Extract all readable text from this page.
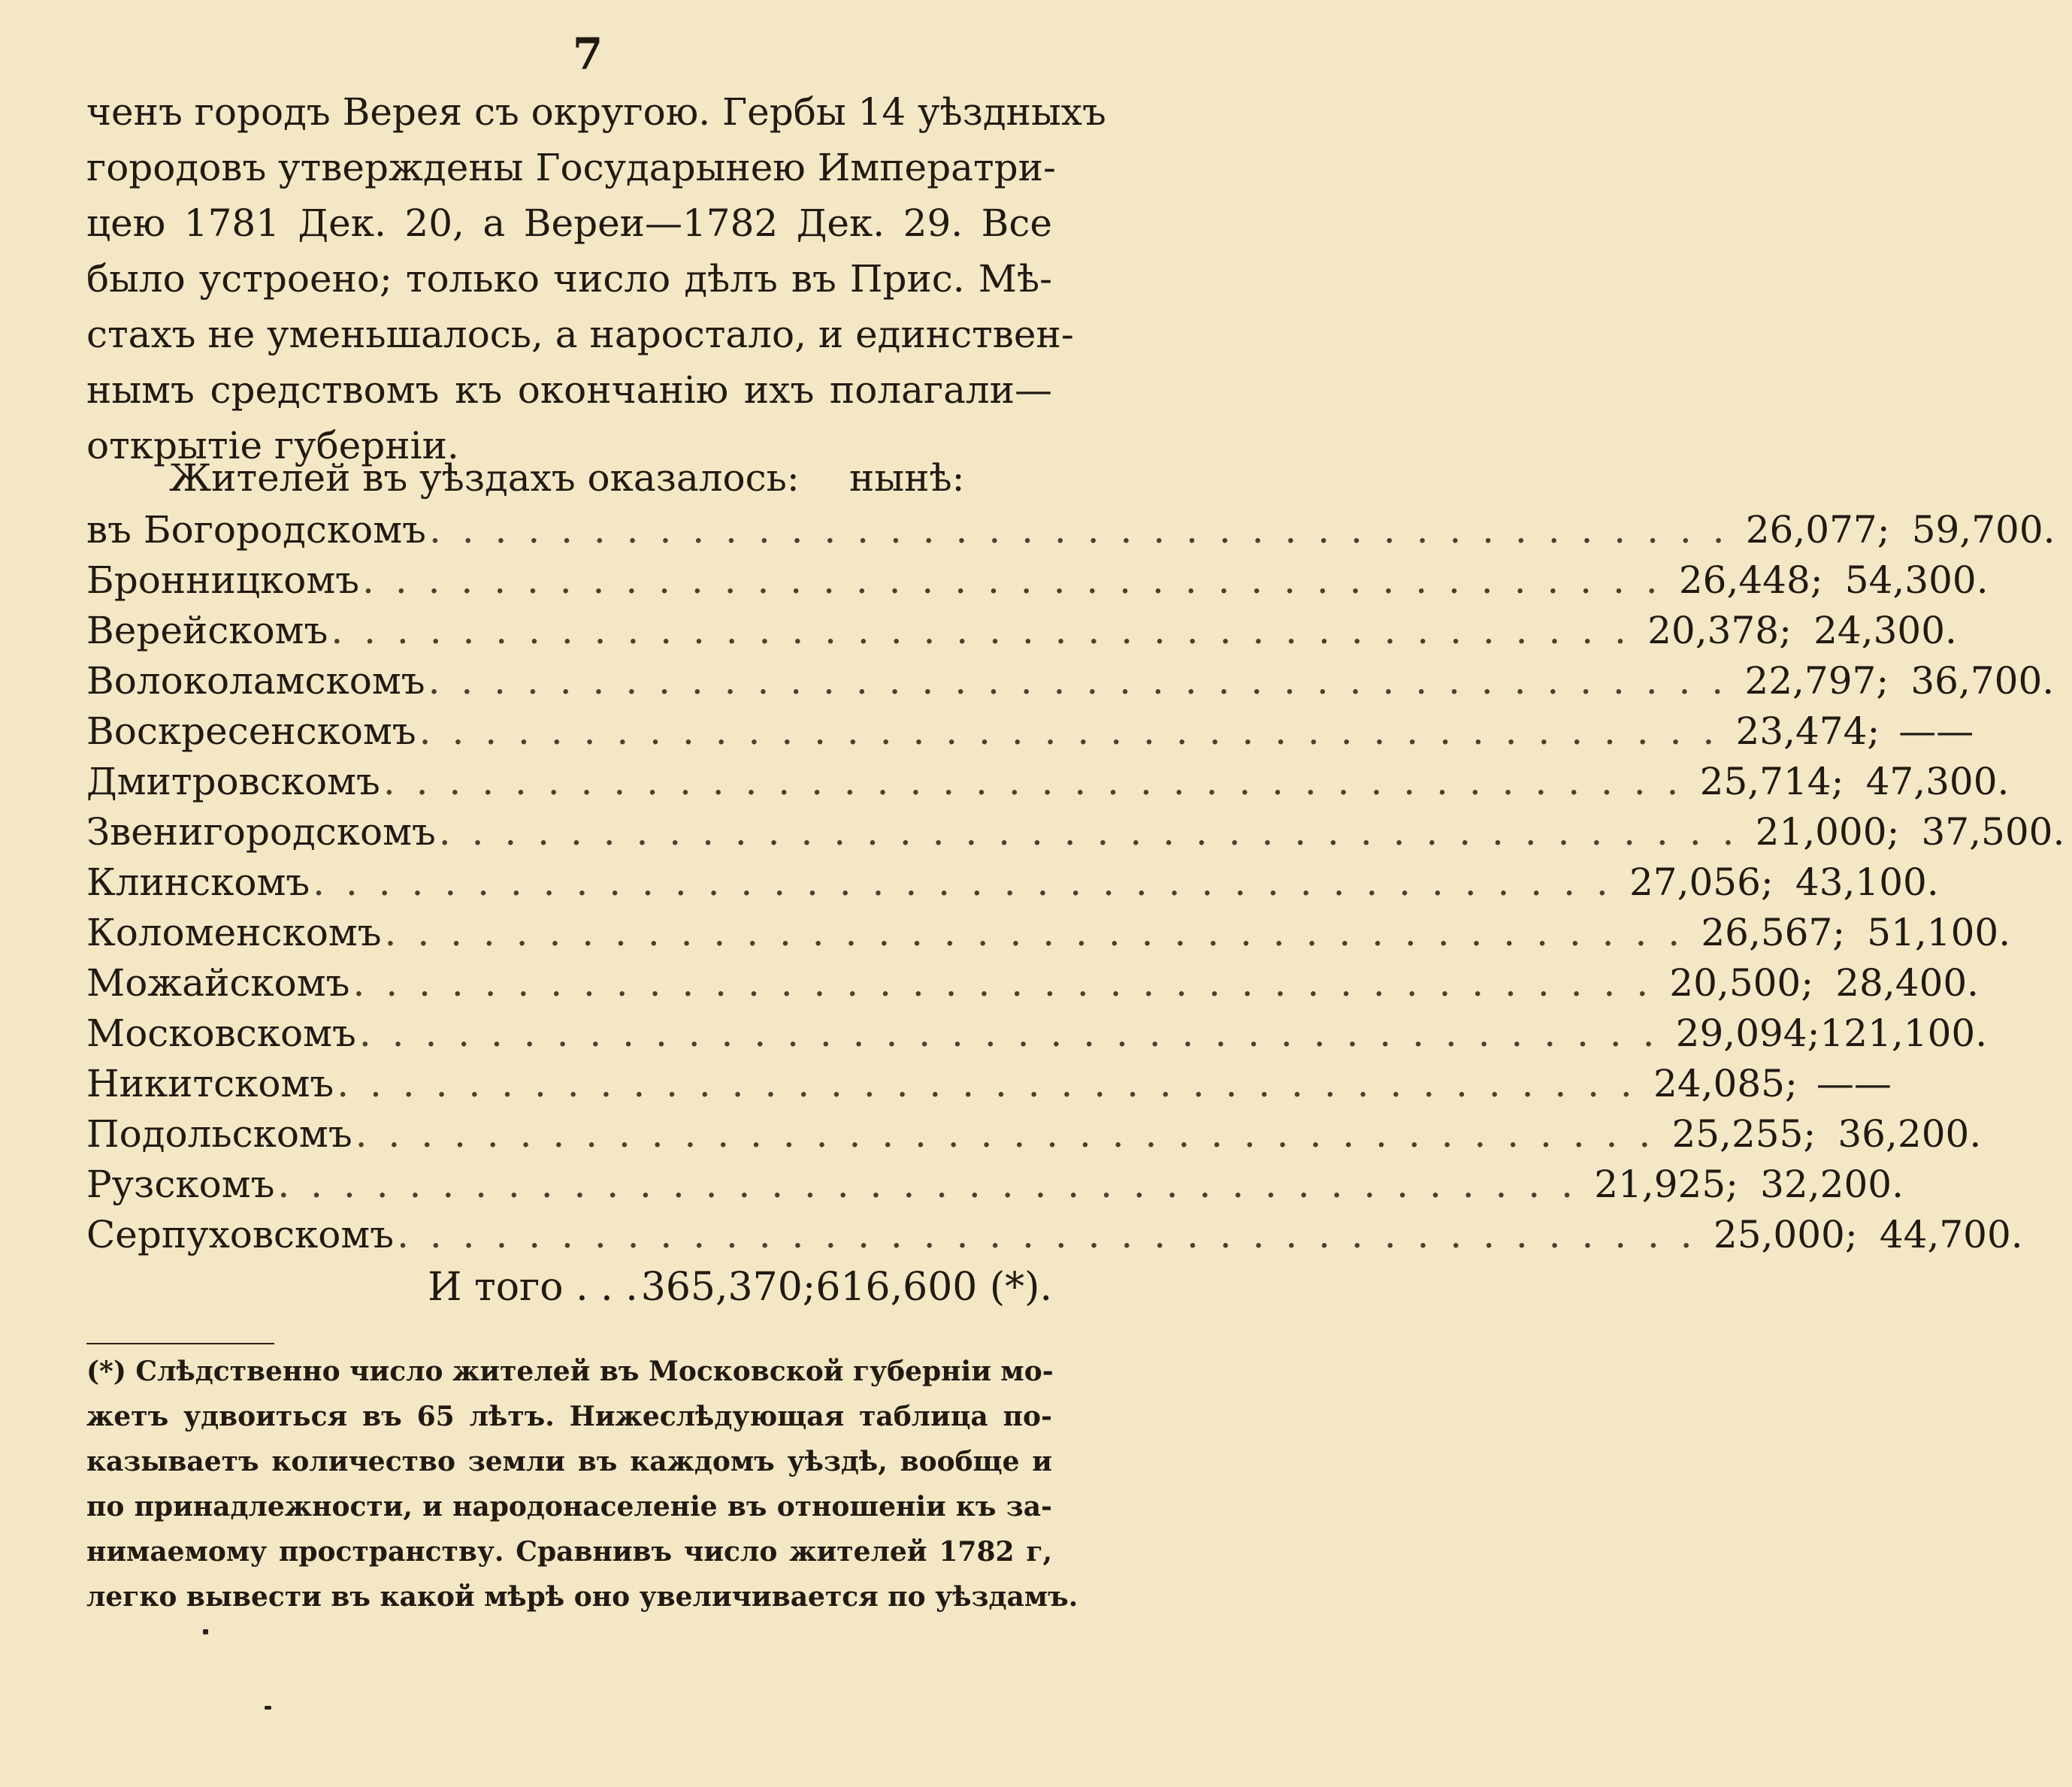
7
ченъ городъ Верея съ округою. Гербы 14 уѣздныхъ
городовъ утверждены Государынею Императри-
цею 1781 Дек. 20, а Вереи—1782 Дек. 29. Все
было устроено; только число дѣлъ въ Прис. Мѣ-
стахъ не уменьшалось, а наростало, и единствен-
нымъ средствомъ къ окончанію ихъ полагали—
открытіе губерніи.
Жителей въ уѣздахъ оказалось: нынѣ:
въ Богородскомъ . . . . . . . . . . . . . . . . . . . . . . . . . . . . . . . . . . . . . . . . 26,077; 59,700.
Бронницкомъ . . . . . . . . . . . . . . . . . . . . . . . . . . . . . . . . . . . . . . . . 26,448; 54,300.
Верейскомъ . . . . . . . . . . . . . . . . . . . . . . . . . . . . . . . . . . . . . . . . 20,378; 24,300.
Волоколамскомъ . . . . . . . . . . . . . . . . . . . . . . . . . . . . . . . . . . . . . . . . 22,797; 36,700.
Воскресенскомъ . . . . . . . . . . . . . . . . . . . . . . . . . . . . . . . . . . . . . . . . 23,474; ——
Дмитровскомъ . . . . . . . . . . . . . . . . . . . . . . . . . . . . . . . . . . . . . . . . 25,714; 47,300.
Звенигородскомъ . . . . . . . . . . . . . . . . . . . . . . . . . . . . . . . . . . . . . . . . 21,000; 37,500.
Клинскомъ . . . . . . . . . . . . . . . . . . . . . . . . . . . . . . . . . . . . . . . . 27,056; 43,100.
Коломенскомъ . . . . . . . . . . . . . . . . . . . . . . . . . . . . . . . . . . . . . . . . 26,567; 51,100.
Можайскомъ . . . . . . . . . . . . . . . . . . . . . . . . . . . . . . . . . . . . . . . . 20,500; 28,400.
Московскомъ . . . . . . . . . . . . . . . . . . . . . . . . . . . . . . . . . . . . . . . . 29,094; 121,100.
Никитскомъ . . . . . . . . . . . . . . . . . . . . . . . . . . . . . . . . . . . . . . . . 24,085; ——
Подольскомъ . . . . . . . . . . . . . . . . . . . . . . . . . . . . . . . . . . . . . . . . 25,255; 36,200.
Рузскомъ . . . . . . . . . . . . . . . . . . . . . . . . . . . . . . . . . . . . . . . . 21,925; 32,200.
Серпуховскомъ . . . . . . . . . . . . . . . . . . . . . . . . . . . . . . . . . . . . . . . . 25,000; 44,700.
И того . . . 365,370; 616,600 (*).
(*) Слѣдственно число жителей въ Московской губерніи мо-
жетъ удвоиться въ 65 лѣтъ. Нижеслѣдующая таблица по-
казываетъ количество земли въ каждомъ уѣздѣ, вообще и
по принадлежности, и народонаселеніе въ отношеніи къ за-
нимаемому пространству. Сравнивъ число жителей 1782 г,
легко вывести въ какой мѣрѣ оно увеличивается по уѣздамъ.
